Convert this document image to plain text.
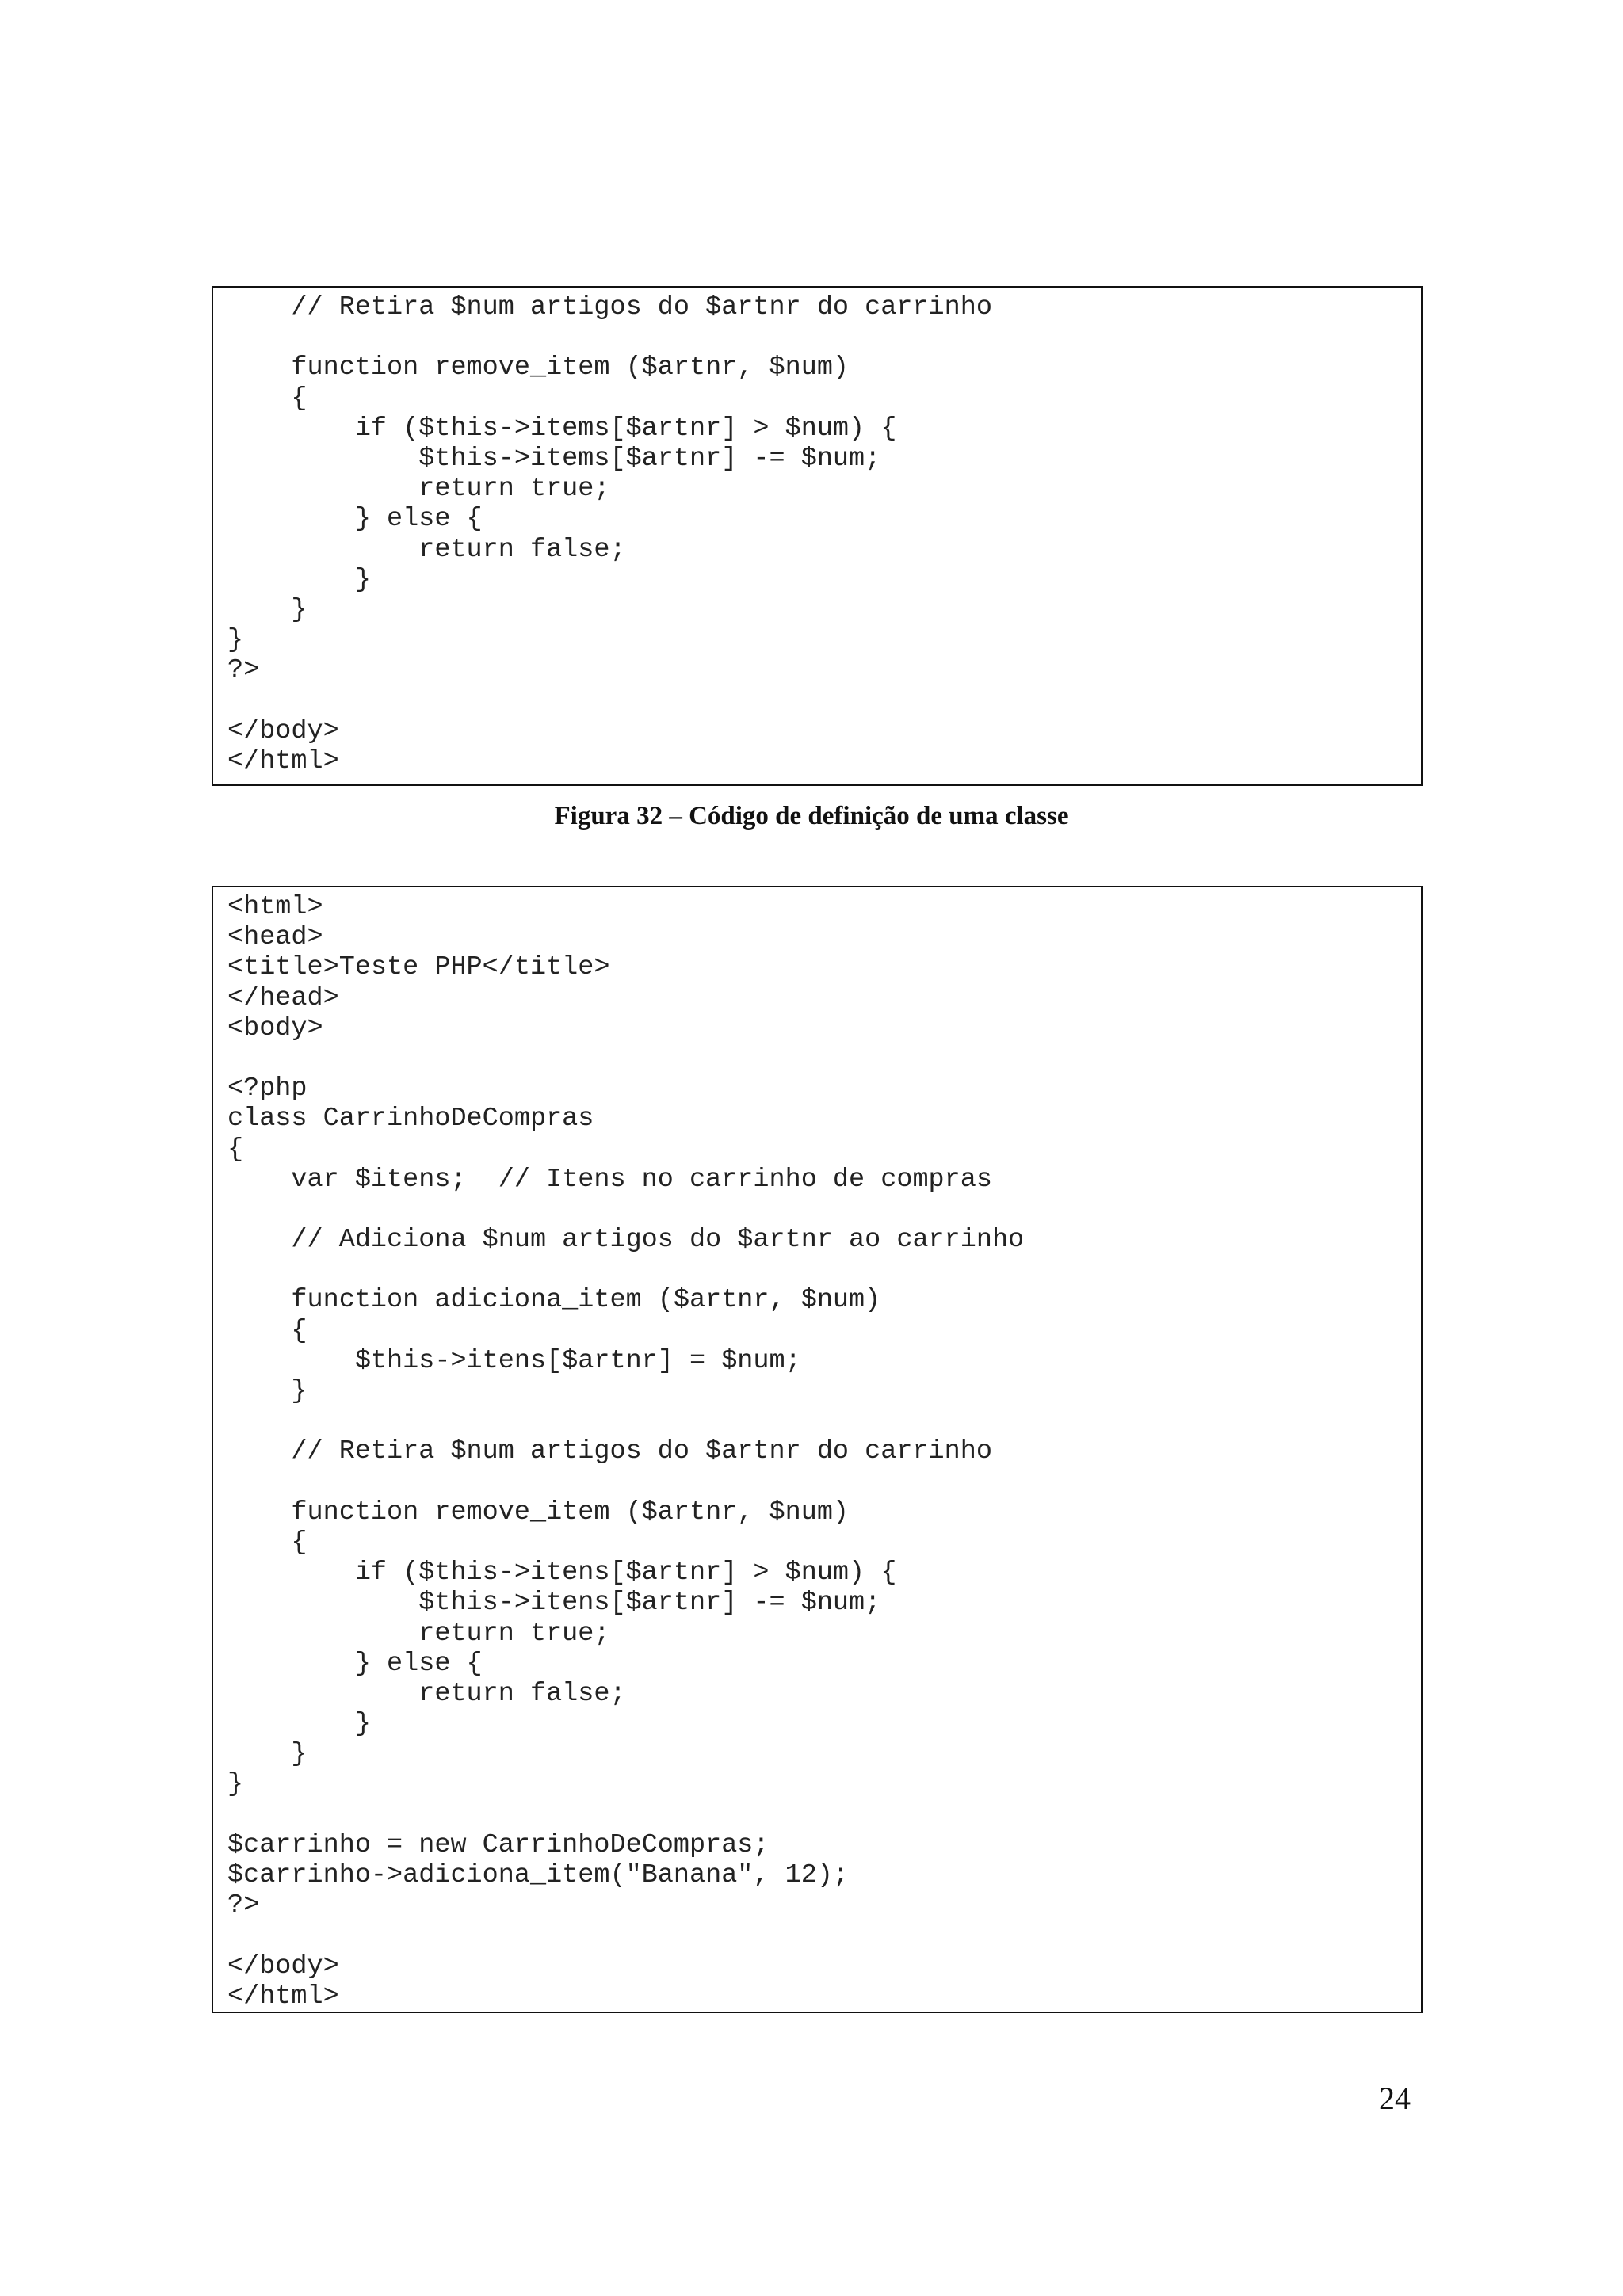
// Retira $num artigos do $artnr do carrinho
function remove_item ($artnr, $num)
{
if ($this->items[$artnr] > $num) {
$this->items[$artnr] -= $num;
return true;
} else {
return false;
}
}
}
?>
</body>
</html>
Figura 32 – Código de definição de uma classe
<html>
<head>
<title>Teste PHP</title>
</head>
<body>
<?php
class CarrinhoDeCompras
{
var $itens;  // Itens no carrinho de compras
// Adiciona $num artigos do $artnr ao carrinho
function adiciona_item ($artnr, $num)
{
$this->itens[$artnr] = $num;
}
// Retira $num artigos do $artnr do carrinho
function remove_item ($artnr, $num)
{
if ($this->itens[$artnr] > $num) {
$this->itens[$artnr] -= $num;
return true;
} else {
return false;
}
}
}
$carrinho = new CarrinhoDeCompras;
$carrinho->adiciona_item("Banana", 12);
?>
</body>
</html>
24
